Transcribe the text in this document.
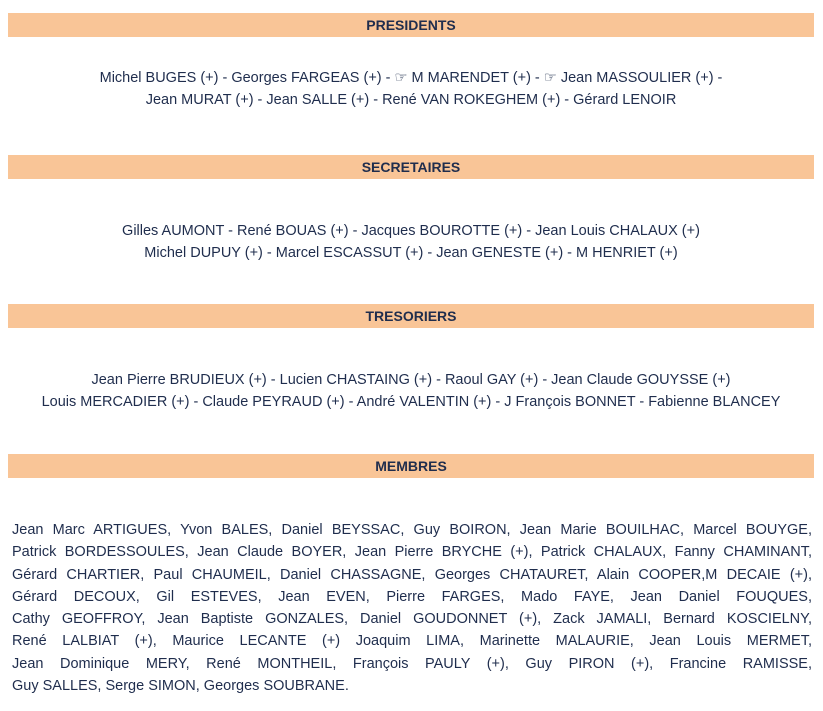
PRESIDENTS
Michel BUGES (+) - Georges FARGEAS (+) - ☞ M MARENDET (+) - ☞ Jean MASSOULIER (+) -
Jean MURAT (+) - Jean SALLE (+) - René VAN ROKEGHEM (+) - Gérard LENOIR
SECRETAIRES
Gilles AUMONT - René BOUAS (+) - Jacques BOUROTTE (+) - Jean Louis CHALAUX (+)
Michel DUPUY (+) - Marcel ESCASSUT (+) - Jean GENESTE (+) - M HENRIET (+)
TRESORIERS
Jean Pierre BRUDIEUX (+) - Lucien CHASTAING (+) - Raoul GAY (+) - Jean Claude GOUYSSE (+)
Louis MERCADIER (+) - Claude PEYRAUD (+) - André VALENTIN (+) - J François BONNET - Fabienne BLANCEY
MEMBRES
Jean Marc ARTIGUES, Yvon BALES, Daniel BEYSSAC, Guy BOIRON, Jean Marie BOUILHAC, Marcel BOUYGE,
Patrick BORDESSOULES, Jean Claude BOYER, Jean Pierre BRYCHE (+), Patrick CHALAUX, Fanny CHAMINANT,
Gérard CHARTIER, Paul CHAUMEIL, Daniel CHASSAGNE, Georges CHATAURET, Alain COOPER,M DECAIE (+),
Gérard DECOUX, Gil ESTEVES, Jean EVEN, Pierre FARGES, Mado FAYE, Jean Daniel FOUQUES,
Cathy GEOFFROY, Jean Baptiste GONZALES, Daniel GOUDONNET (+), Zack JAMALI, Bernard KOSCIELNY,
René LALBIAT (+), Maurice LECANTE (+) Joaquim LIMA, Marinette MALAURIE, Jean Louis MERMET,
Jean Dominique MERY, René MONTHEIL, François PAULY (+), Guy PIRON (+), Francine RAMISSE,
Guy SALLES, Serge SIMON, Georges SOUBRANE.
